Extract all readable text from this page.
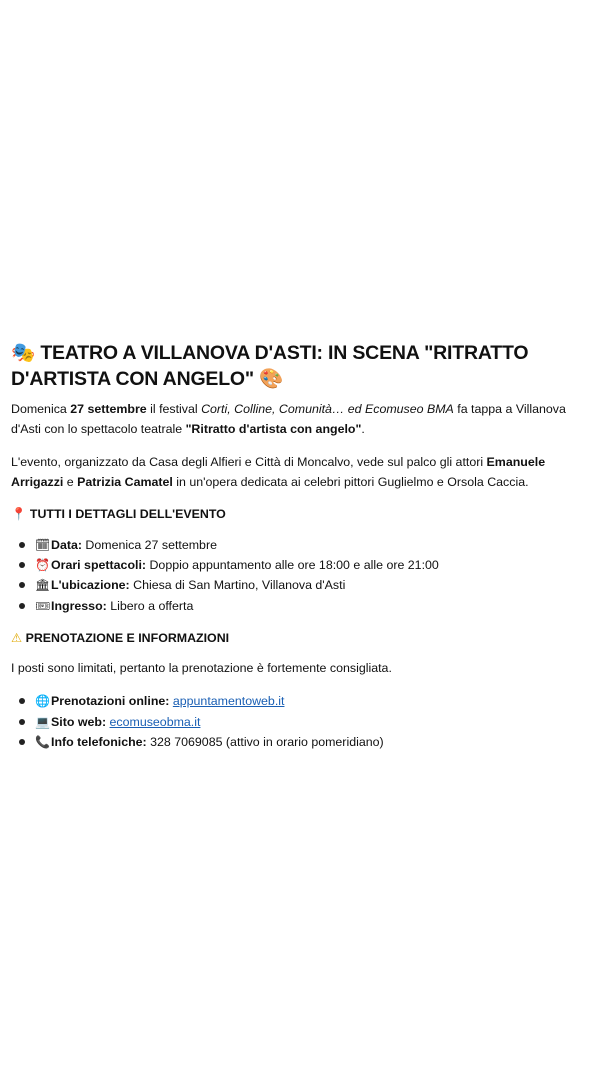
🎭 TEATRO A VILLANOVA D'ASTI: IN SCENA "RITRATTO D'ARTISTA CON ANGELO" 🎨

Domenica 27 settembre il festival Corti, Colline, Comunità… ed Ecomuseo BMA fa tappa a Villanova d'Asti con lo spettacolo teatrale "Ritratto d'artista con angelo".

L'evento, organizzato da Casa degli Alfieri e Città di Moncalvo, vede sul palco gli attori Emanuele Arrigazzi e Patrizia Camatel in un'opera dedicata ai celebri pittori Guglielmo e Orsola Caccia.

📍 TUTTI I DETTAGLI DELL'EVENTO
🗓Data: Domenica 27 settembre
⏰Orari spettacoli: Doppio appuntamento alle ore 18:00 e alle ore 21:00
🏛L'ubicazione: Chiesa di San Martino, Villanova d'Asti
🎟Ingresso: Libero a offerta
⚠ PRENOTAZIONE E INFORMAZIONI

I posti sono limitati, pertanto la prenotazione è fortemente consigliata.

🌐Prenotazioni online: appuntamentoweb.it
💻Sito web: ecomuseobma.it
📞Info telefoniche: 328 7069085 (attivo in orario pomeridiano)
